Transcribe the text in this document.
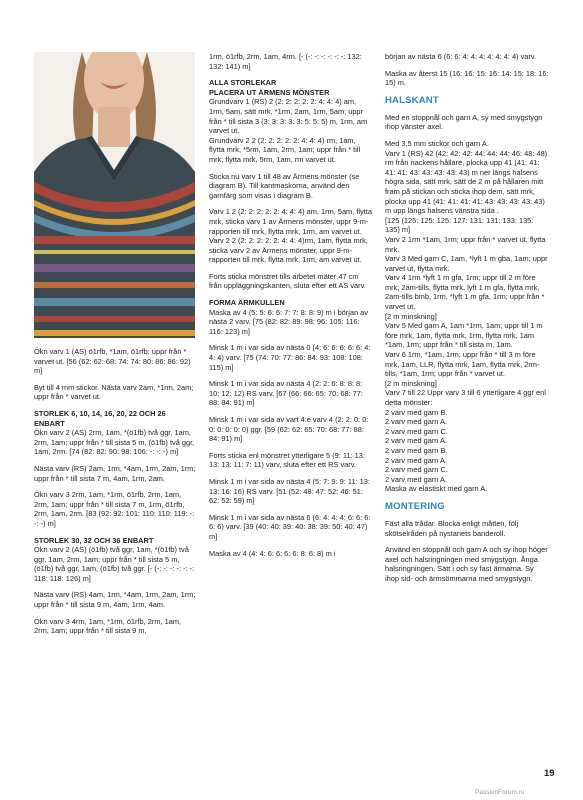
Ökn varv 1 (AS) ö1rfb, *1am, ö1rfb; uppr från * varvet ut. [56 (62: 62: 68: 74: 74: 80: 86: 86: 92) m]

Byt till 4 mm stickor. Nästa varv 2am, *1rm, 2am; uppr från * varvet ut.

STORLEK 6, 10, 14, 16, 20, 22 OCH 26 ENBART

Ökn varv 2 (AS) 2rm, 1am, *(ö1fb) två ggr, 1am, 2rm, 1am; uppr från * till sista 5 m, (ö1fb) två ggr, 1am, 2rm. [74 (82: 82: 90: 98: 106: -: -: -) m]

Nästa varv (RS) 2am, 1rm, *4am, 1rm, 2am, 1rm; uppr från * till sista 7 m, 4am, 1rm, 2am.

Ökn varv 3 2rm, 1am, *1rm, ö1rfb, 2rm, 1am, 2rm, 1am; uppr från * till sista 7 m, 1rm, ö1rfb, 2rm, 1am, 2rm. [83 (92: 92: 101: 110: 110: 119: -: -: -) m]

STORLEK 30, 32 OCH 36 ENBART

Ökn varv 2 (AS) (ö1fb) två ggr, 1am, *(ö1fb) två ggr, 1am, 2rm, 1am; uppr från * till sista 5 m, (ö1fb) två ggr, 1am, (ö1fb) två ggr. [- (-: -: -: -: -: -: 118: 118: 126) m]

Nästa varv (RS) 4am, 1rm, *4am, 1rm, 2am, 1rm; uppr från * till sista 9 m, 4am, 1rm, 4am.

Ökn varv 3 4rm, 1am, *1rm, ö1rfb, 2rm, 1am, 2rm, 1am; uppr från * till sista 9 m,

1rm, ö1rfb, 2rm, 1am, 4rm. [- (-: -: -: -: -: -: 132: 132: 141) m]

ALLA STORLEKAR
PLACERA UT ÄRMENS MÖNSTER

Grundvarv 1 (RS) 2 (2: 2: 2: 2: 2: 4: 4: 4) am, 1rm, 5am, sätt mrk, *1rm, 2am, 1rm, 5am; uppr från * till sista 3 (3: 3: 3: 3: 3: 5: 5: 5) m, 1rm, am varvet ut.

Grundvarv 2 2 (2: 2: 2: 2: 2: 4: 4: 4) rm, 1am, flytta mrk, *5rm, 1am, 2rm, 1am; uppr från * till mrk, flytta mrk, 5rm, 1am, rm varvet ut.

Sticka nu varv 1 till 48 av Ärmens mönster (se diagram B). Till kantmaskorna, använd den garnfärg som visas i diagram B.

Varv 1 2 (2: 2: 2: 2: 2: 4: 4: 4) am, 1rm, 5am, flytta mrk, sticka varv 1 av Ärmens mönster, uppr 9-m-rapporten till mrk, flytta mrk, 1rm, am varvet ut.

Varv 2 2 (2: 2: 2: 2: 2: 4: 4: 4)rm, 1am, flytta mrk, sticka varv 2 av Ärmens mönster, uppr 9-m-rapporten till mrk, flytta mrk, 1rm, am varvet ut.

Forts sticka mönstret tills arbetet mäter 47 cm från uppläggningskanten, sluta efter ett AS varv.

FORMA ÄRMKULLEN

Maska av 4 (5: 5: 6: 6: 7: 7: 8: 8: 9) m i början av nästa 2 varv. [75 (82: 82: 89: 98: 96: 105: 116: 116: 123) m]

Minsk 1 m i var sida av nästa 0 (4: 6: 6: 6: 6: 6: 4: 4: 4) varv. [75 (74: 70: 77: 86: 84: 93: 108: 108: 115) m]

Minsk 1 m i var sida av nästa 4 (2: 2: 6: 8: 8: 8: 10: 12: 12) RS varv. [67 (66: 66: 65: 70: 68: 77: 88: 84: 91) m]

Minsk 1 m i var sida av vart 4:e varv 4 (2: 2: 0: 0: 0: 0: 0: 0: 0) ggr. [59 (62: 62: 65: 70: 68: 77: 88: 84: 91) m]

Forts sticka enl mönstret ytterligare 5 (9: 11: 13: 13: 13: 11: 7: 11) varv, sluta efter ett RS varv.

Minsk 1 m i var sida av nästa 4 (5: 7: 9: 9: 11: 13: 13: 16: 16) RS varv. [51 (52: 48: 47: 52: 46: 51: 62: 52: 59) m]

Minsk 1 m i var sida av nästa 6 (6: 4: 4: 4: 6: 6: 6: 6: 6) varv. [39 (40: 40: 39: 40: 38: 39: 50: 40: 47) m]

Maska av 4 (4: 4: 6: 6: 6: 6: 8: 6: 8) m i

början av nästa 6 (6: 6: 4: 4: 4: 4: 4: 4: 4) varv.

Maska av återst 15 (16: 16: 15: 16: 14: 15: 18: 16: 15) m.

HALSKANT

Med en stoppnål och garn A, sy med smygstygn ihop vänster axel.

Med 3,5 mm stickor och garn A.

Varv 1 (RS) 42 (42: 42: 42: 44: 44: 44: 46: 48: 48) rm från nackens hållare, plocka upp 41 (41: 41: 41: 41: 43: 43: 43: 43: 43) m ner längs halsens högra sida, sätt mrk, sätt de 2 m på hållaren mitt fram på stickan och sticka ihop dem, sätt mrk, plocka upp 41 (41: 41: 41: 41: 43: 43: 43: 43: 43) m upp längs halsens vänstra sida .

[125 (125: 125: 125: 127: 131: 131: 133: 135: 135) m]

Varv 2 1rm *1am, 1rm; uppr från * varvet ut, flytta mrk.

Varv 3 Med garn C, 1am, *lyft 1 m gba, 1am; uppr varvet ut, flytta mrk.

Varv 4 1rm *lyft 1 m gfa, 1rm; uppr till 2 m före mrk, 2am-tills, flytta mrk, lyft 1 m gfa, flytta mrk, 2am-tills bmb, 1rm, *lyft 1 m gfa, 1rm; uppr från * varvet ut.

[2 m minskning]

Varv 5 Med garn A, 1am *1rm, 1am; uppr till 1 m före mrk, 1am, flytta mrk, 1rm, flytta mrk, 1am *1am, 1rm; uppr från * till sista m, 1am.

Varv 6 1rm, *1am, 1rm; uppr från * till 3 m före mrk, 1am, LLR, flytta mrk, 1am, flytta mrk, 2rm-tills, *1am, 1rm; uppr från * varvet ut.

[2 m minskning]

Varv 7 till 22 Uppr varv 3 till 6 ytterligare 4 ggr enl detta mönster:

2 varv med garn B.

2 varv med garn A.

2 varv med garn C.

2 varv med garn A.

2 varv med garn B.

2 varv med garn A.

2 varv med garn C.

2 varv med garn A.

Maska av elastiskt med garn A.

MONTERING

Fäst alla trådar. Blocka enligt måtten, följ skötselråden på nystanets banderoll.

Använd en stoppnål och garn A och sy ihop höger axel och halsringningen med smygstygn. Ånga halsringningen. Sätt i och sy fast ärmarna. Sy ihop sid- och ärmsömmarna med smygstygn.

19
PassionForum.ru
